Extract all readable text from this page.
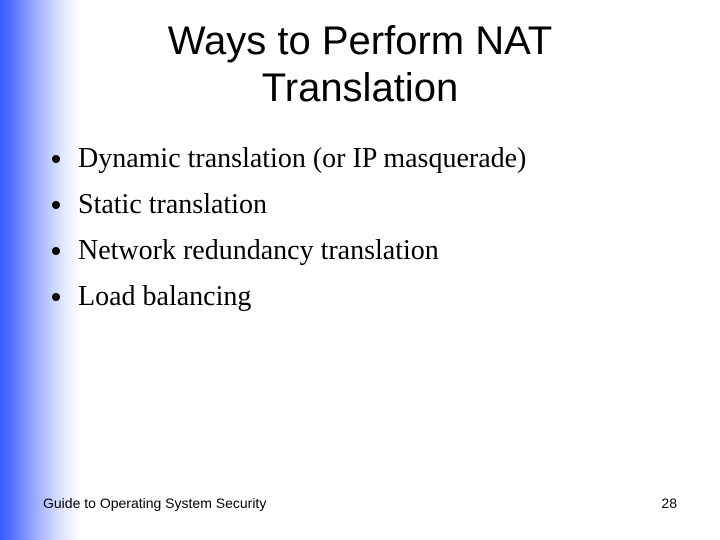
Ways to Perform NAT
Translation
Dynamic translation (or IP masquerade)
Static translation
Network redundancy translation
Load balancing
Guide to Operating System Security	28
